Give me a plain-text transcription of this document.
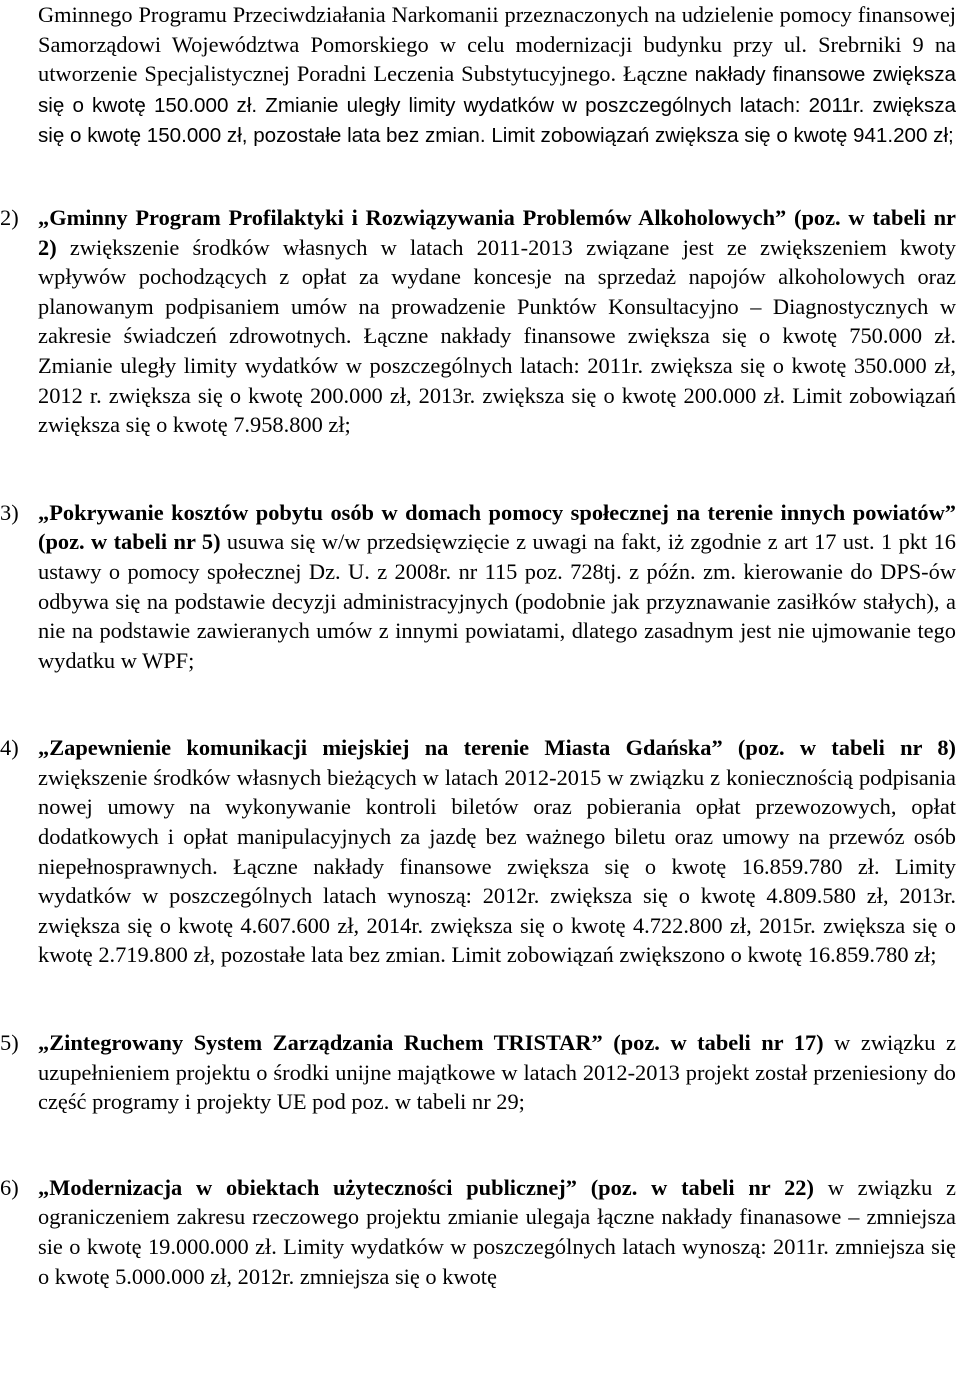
Gminnego Programu Przeciwdziałania Narkomanii przeznaczonych na udzielenie pomocy finansowej Samorządowi Województwa Pomorskiego w celu modernizacji budynku przy ul. Srebrniki 9 na utworzenie Specjalistycznej Poradni Leczenia Substytucyjnego. Łączne nakłady finansowe zwiększa się o kwotę 150.000 zł. Zmianie uległy limity wydatków w poszczególnych latach: 2011r. zwiększa się o kwotę 150.000 zł, pozostałe lata bez zmian. Limit zobowiązań zwiększa się o kwotę 941.200 zł;

2) „Gminny Program Profilaktyki i Rozwiązywania Problemów Alkoholowych” (poz. w tabeli nr 2) zwiększenie środków własnych w latach 2011-2013 związane jest ze zwiększeniem kwoty wpływów pochodzących z opłat za wydane koncesje na sprzedaż napojów alkoholowych oraz planowanym podpisaniem umów na prowadzenie Punktów Konsultacyjno – Diagnostycznych w zakresie świadczeń zdrowotnych. Łączne nakłady finansowe zwiększa się o kwotę 750.000 zł. Zmianie uległy limity wydatków w poszczególnych latach: 2011r. zwiększa się o kwotę 350.000 zł, 2012 r. zwiększa się o kwotę 200.000 zł, 2013r. zwiększa się o kwotę 200.000 zł. Limit zobowiązań zwiększa się o kwotę 7.958.800 zł;

3) „Pokrywanie kosztów pobytu osób w domach pomocy społecznej na terenie innych powiatów” (poz. w tabeli nr 5) usuwa się w/w przedsięwzięcie z uwagi na fakt, iż zgodnie z art 17 ust. 1 pkt 16 ustawy o pomocy społecznej Dz. U. z 2008r. nr 115 poz. 728tj. z późn. zm. kierowanie do DPS-ów odbywa się na podstawie decyzji administracyjnych (podobnie jak przyznawanie zasiłków stałych), a nie na podstawie zawieranych umów z innymi powiatami, dlatego zasadnym jest nie ujmowanie tego wydatku w WPF;

4) „Zapewnienie komunikacji miejskiej na terenie Miasta Gdańska” (poz. w tabeli nr 8) zwiększenie środków własnych bieżących w latach 2012-2015 w związku z koniecznością podpisania nowej umowy na wykonywanie kontroli biletów oraz pobierania opłat przewozowych, opłat dodatkowych i opłat manipulacyjnych za jazdę bez ważnego biletu oraz umowy na przewóz osób niepełnosprawnych. Łączne nakłady finansowe zwiększa się o kwotę 16.859.780 zł. Limity wydatków w poszczególnych latach wynoszą: 2012r. zwiększa się o kwotę 4.809.580 zł, 2013r. zwiększa się o kwotę 4.607.600 zł, 2014r. zwiększa się o kwotę 4.722.800 zł, 2015r. zwiększa się o kwotę 2.719.800 zł, pozostałe lata bez zmian. Limit zobowiązań zwiększono o kwotę 16.859.780 zł;

5) „Zintegrowany System Zarządzania Ruchem TRISTAR” (poz. w tabeli nr 17) w związku z uzupełnieniem projektu o środki unijne majątkowe w latach 2012-2013 projekt został przeniesiony do część programy i projekty UE pod poz. w tabeli nr 29;

6) „Modernizacja w obiektach użyteczności publicznej” (poz. w tabeli nr 22) w związku z ograniczeniem zakresu rzeczowego projektu zmianie ulegaja łączne nakłady finanasowe – zmniejsza sie o kwotę 19.000.000 zł. Limity wydatków w poszczególnych latach wynoszą: 2011r. zmniejsza się o kwotę 5.000.000 zł, 2012r. zmniejsza się o kwotę
